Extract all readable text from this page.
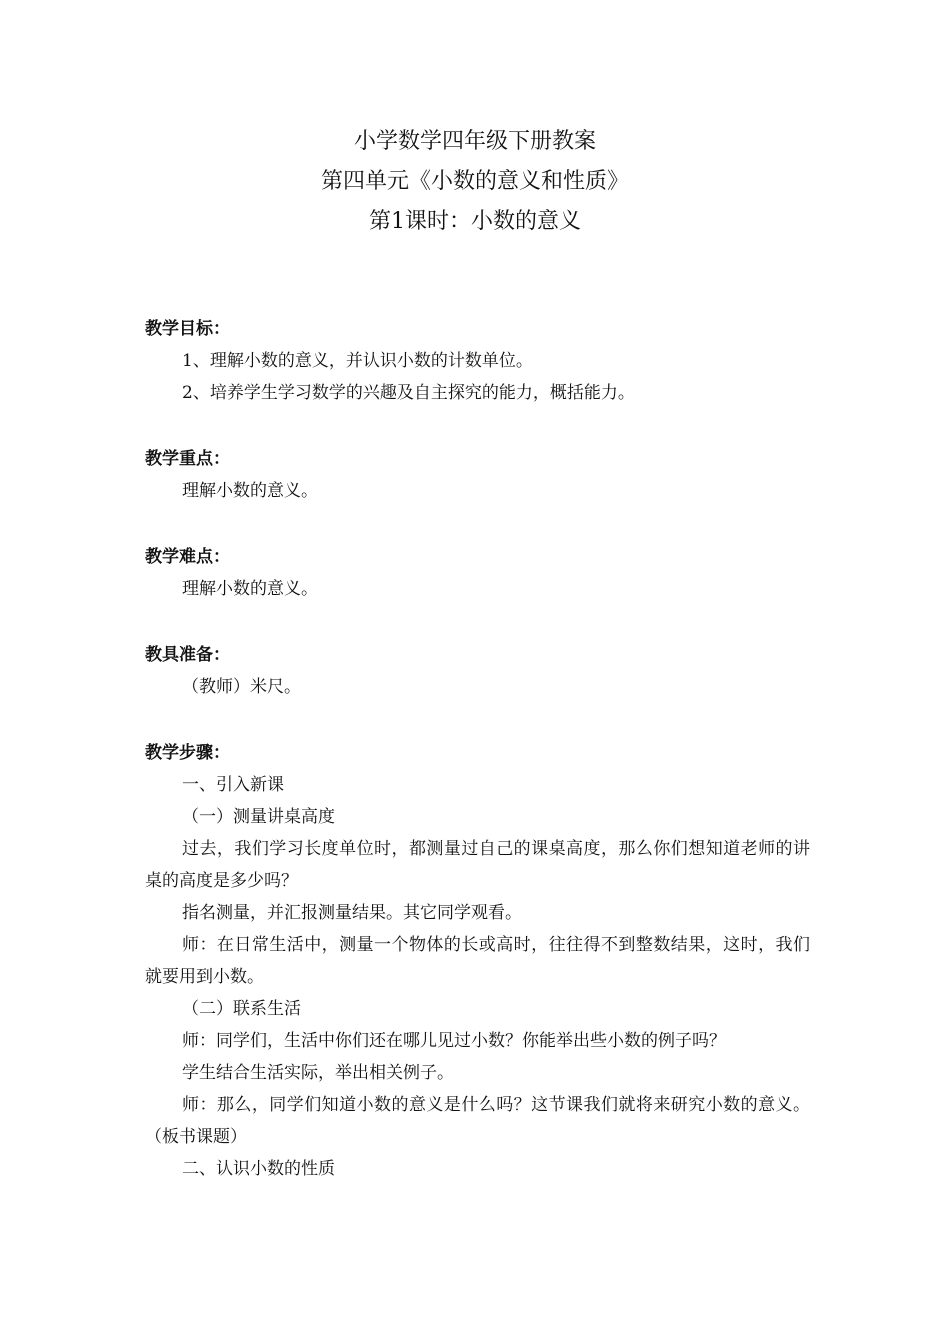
小学数学四年级下册教案
第四单元《小数的意义和性质》
第1课时：小数的意义

教学目标：

1、理解小数的意义，并认识小数的计数单位。

2、培养学生学习数学的兴趣及自主探究的能力，概括能力。

教学重点：

理解小数的意义。

教学难点：

理解小数的意义。

教具准备：

（教师）米尺。

教学步骤：

一、引入新课

（一）测量讲桌高度

过去，我们学习长度单位时，都测量过自己的课桌高度，那么你们想知道老师的讲桌的高度是多少吗？

指名测量，并汇报测量结果。其它同学观看。

师：在日常生活中，测量一个物体的长或高时，往往得不到整数结果，这时，我们就要用到小数。

（二）联系生活

师：同学们，生活中你们还在哪儿见过小数？你能举出些小数的例子吗？

学生结合生活实际，举出相关例子。

师：那么，同学们知道小数的意义是什么吗？这节课我们就将来研究小数的意义。（板书课题）

二、认识小数的性质
